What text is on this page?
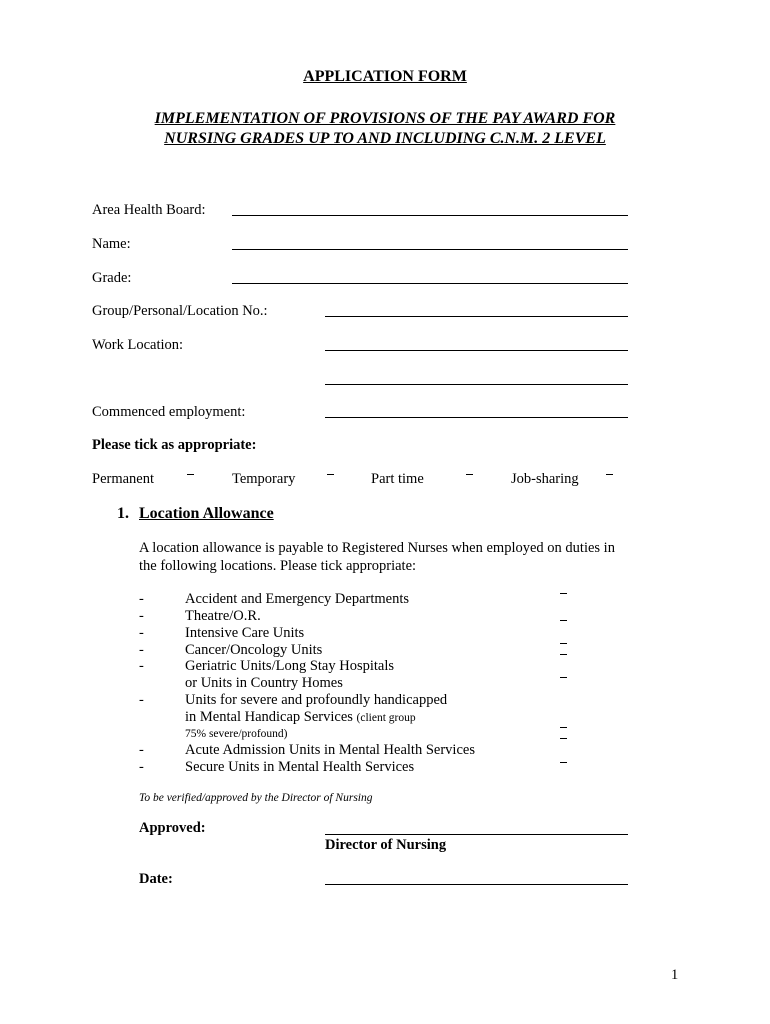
APPLICATION FORM
IMPLEMENTATION OF PROVISIONS OF THE PAY AWARD FOR
NURSING GRADES UP TO AND INCLUDING C.N.M. 2 LEVEL
Area Health Board:
Name:
Grade:
Group/Personal/Location No.:
Work Location:
Commenced employment:
Please tick as appropriate:
Permanent	Temporary	Part time	Job-sharing
1. Location Allowance
A location allowance is payable to Registered Nurses when employed on duties in
the following locations. Please tick appropriate:
-	Accident and Emergency Departments
-	Theatre/O.R.
-	Intensive Care Units
-	Cancer/Oncology Units
-	Geriatric Units/Long Stay Hospitals
or Units in Country Homes
-	Units for severe and profoundly handicapped
in Mental Handicap Services (client group
75% severe/profound)
-	Acute Admission Units in Mental Health Services
-	Secure Units in Mental Health Services
To be verified/approved by the Director of Nursing
Approved:
Director of Nursing
Date:
1
